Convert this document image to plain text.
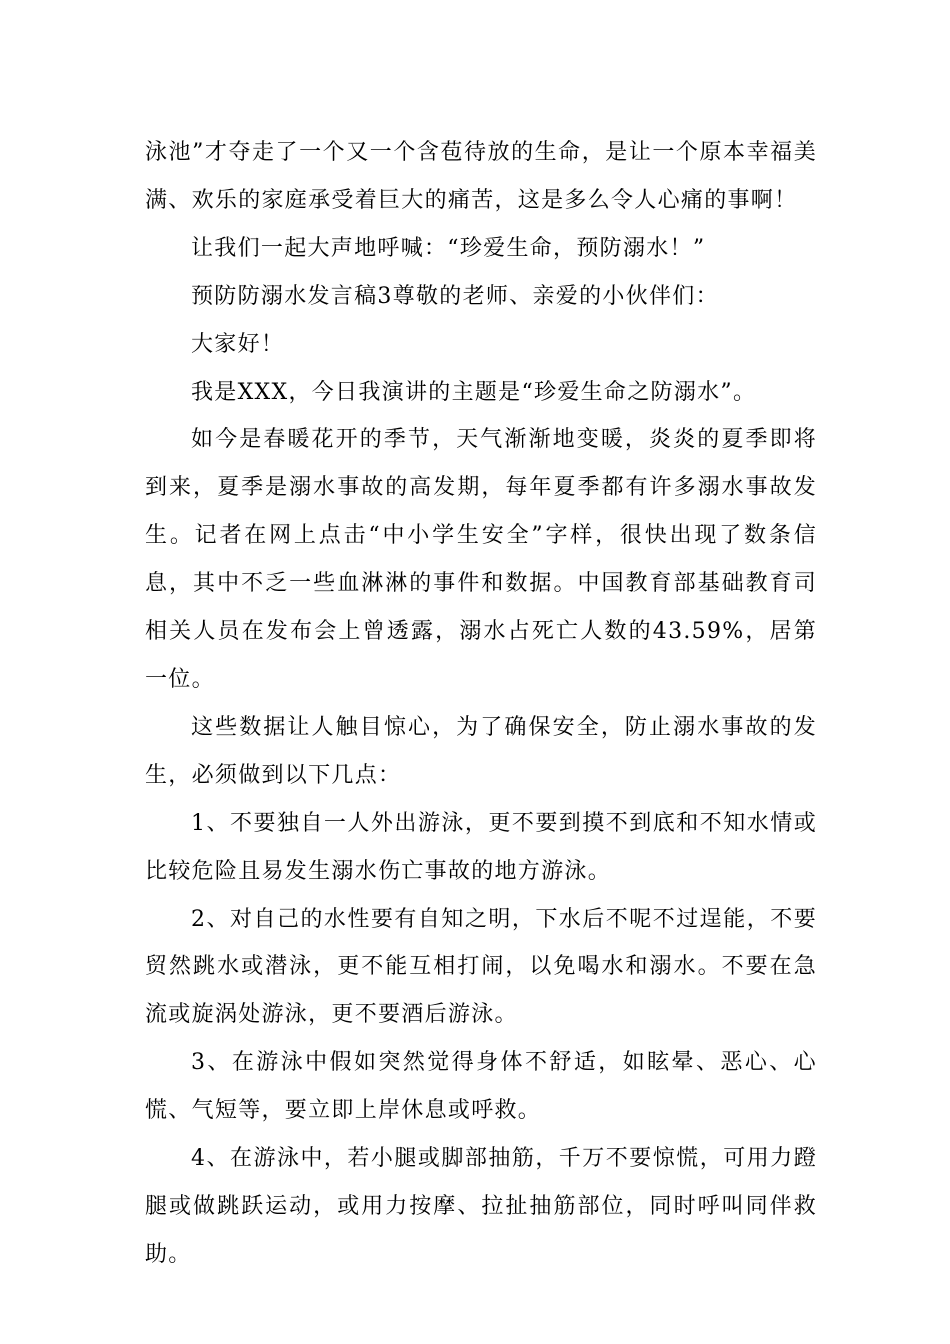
泳池”才夺走了一个又一个含苞待放的生命，是让一个原本幸福美满、欢乐的家庭承受着巨大的痛苦，这是多么令人心痛的事啊！

让我们一起大声地呼喊：“珍爱生命，预防溺水！”

预防防溺水发言稿3尊敬的老师、亲爱的小伙伴们：

大家好！

我是XXX，今日我演讲的主题是“珍爱生命之防溺水”。

如今是春暖花开的季节，天气渐渐地变暖，炎炎的夏季即将到来，夏季是溺水事故的高发期，每年夏季都有许多溺水事故发生。记者在网上点击“中小学生安全”字样，很快出现了数条信息，其中不乏一些血淋淋的事件和数据。中国教育部基础教育司相关人员在发布会上曾透露，溺水占死亡人数的43.59%，居第一位。

这些数据让人触目惊心，为了确保安全，防止溺水事故的发生，必须做到以下几点：

1、不要独自一人外出游泳，更不要到摸不到底和不知水情或比较危险且易发生溺水伤亡事故的地方游泳。

2、对自己的水性要有自知之明，下水后不呢不过逞能，不要贸然跳水或潜泳，更不能互相打闹，以免喝水和溺水。不要在急流或旋涡处游泳，更不要酒后游泳。

3、在游泳中假如突然觉得身体不舒适，如眩晕、恶心、心慌、气短等，要立即上岸休息或呼救。

4、在游泳中，若小腿或脚部抽筋，千万不要惊慌，可用力蹬腿或做跳跃运动，或用力按摩、拉扯抽筋部位，同时呼叫同伴救助。
